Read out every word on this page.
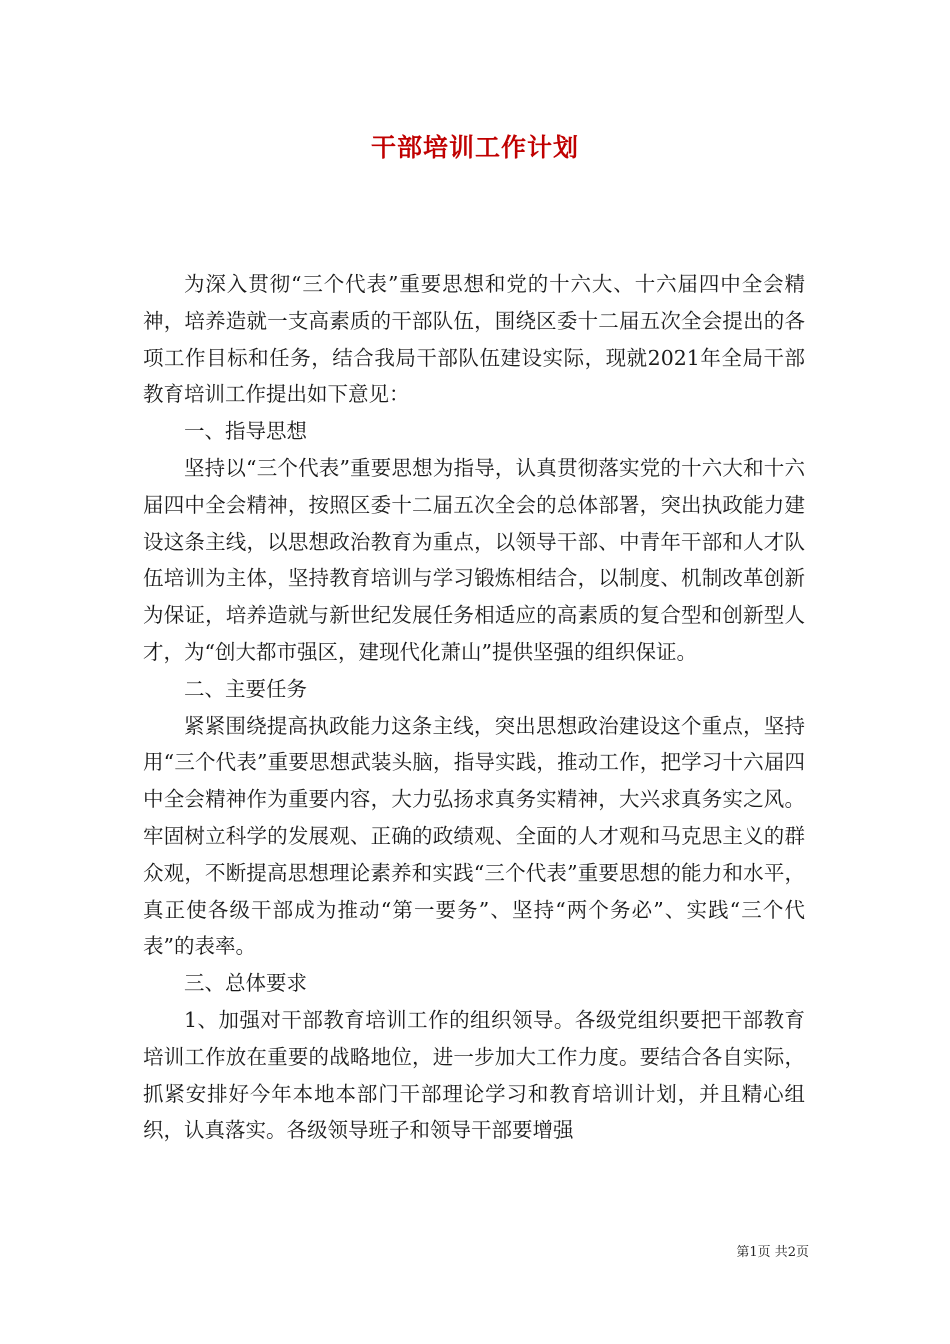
干部培训工作计划

为深入贯彻“三个代表”重要思想和党的十六大、十六届四中全会精神，培养造就一支高素质的干部队伍，围绕区委十二届五次全会提出的各项工作目标和任务，结合我局干部队伍建设实际，现就2021年全局干部教育培训工作提出如下意见：

一、指导思想

坚持以“三个代表”重要思想为指导，认真贯彻落实党的十六大和十六届四中全会精神，按照区委十二届五次全会的总体部署，突出执政能力建设这条主线，以思想政治教育为重点，以领导干部、中青年干部和人才队伍培训为主体，坚持教育培训与学习锻炼相结合，以制度、机制改革创新为保证，培养造就与新世纪发展任务相适应的高素质的复合型和创新型人才，为“创大都市强区，建现代化萧山”提供坚强的组织保证。

二、主要任务

紧紧围绕提高执政能力这条主线，突出思想政治建设这个重点，坚持用“三个代表”重要思想武装头脑，指导实践，推动工作，把学习十六届四中全会精神作为重要内容，大力弘扬求真务实精神，大兴求真务实之风。牢固树立科学的发展观、正确的政绩观、全面的人才观和马克思主义的群众观，不断提高思想理论素养和实践“三个代表”重要思想的能力和水平，真正使各级干部成为推动“第一要务”、坚持“两个务必”、实践“三个代表”的表率。

三、总体要求

1、加强对干部教育培训工作的组织领导。各级党组织要把干部教育培训工作放在重要的战略地位，进一步加大工作力度。要结合各自实际，抓紧安排好今年本地本部门干部理论学习和教育培训计划，并且精心组织，认真落实。各级领导班子和领导干部要增强

第1页 共2页
